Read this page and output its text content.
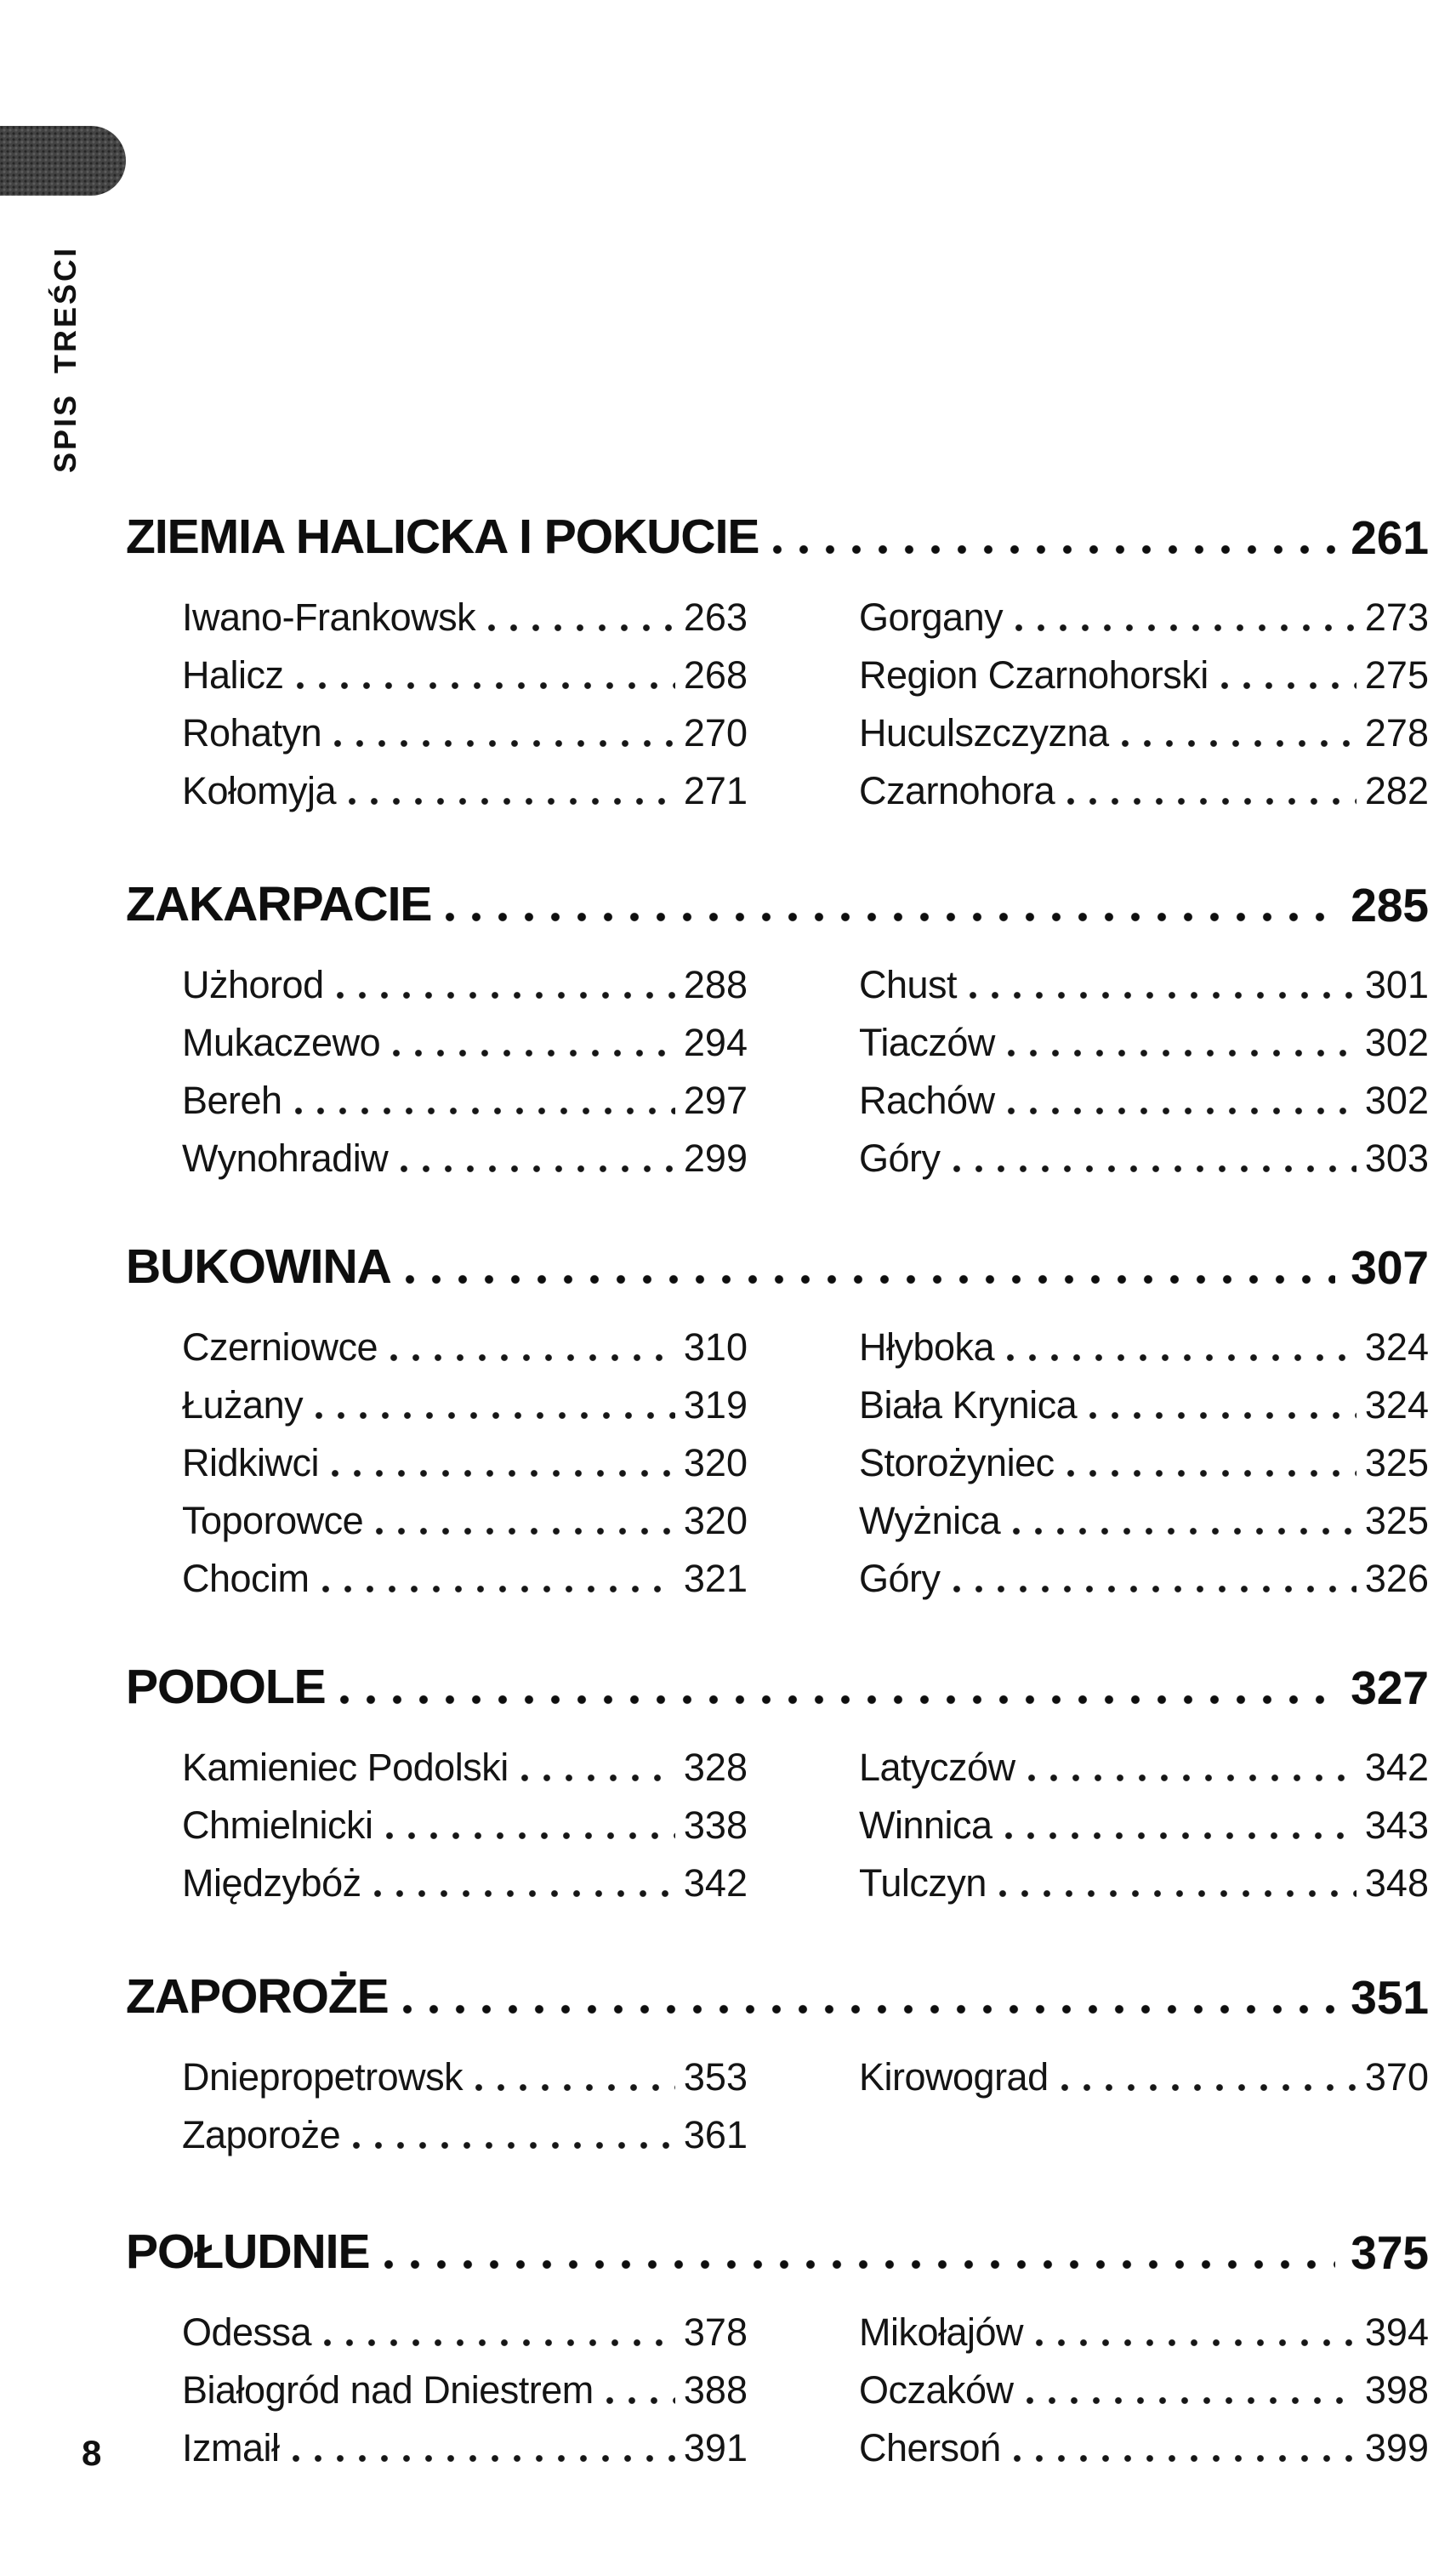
SPIS TREŚCI
ZIEMIA HALICKA I POKUCIE	261
Iwano-Frankowsk	263
Halicz	268
Rohatyn	270
Kołomyja	271
Gorgany	273
Region Czarnohorski	275
Huculszczyzna	278
Czarnohora	282
ZAKARPACIE	285
Użhorod	288
Mukaczewo	294
Bereh	297
Wynohradiw	299
Chust	301
Tiaczów	302
Rachów	302
Góry	303
BUKOWINA	307
Czerniowce	310
Łużany	319
Ridkiwci	320
Toporowce	320
Chocim	321
Hłyboka	324
Biała Krynica	324
Storożyniec	325
Wyżnica	325
Góry	326
PODOLE	327
Kamieniec Podolski	328
Chmielnicki	338
Międzybóż	342
Latyczów	342
Winnica	343
Tulczyn	348
ZAPOROŻE	351
Dniepropetrowsk	353
Zaporoże	361
Kirowograd	370
POŁUDNIE	375
Odessa	378
Białogród nad Dniestrem 388
Izmaił	391
Mikołajów	394
Oczaków	398
Chersoń	399
8
